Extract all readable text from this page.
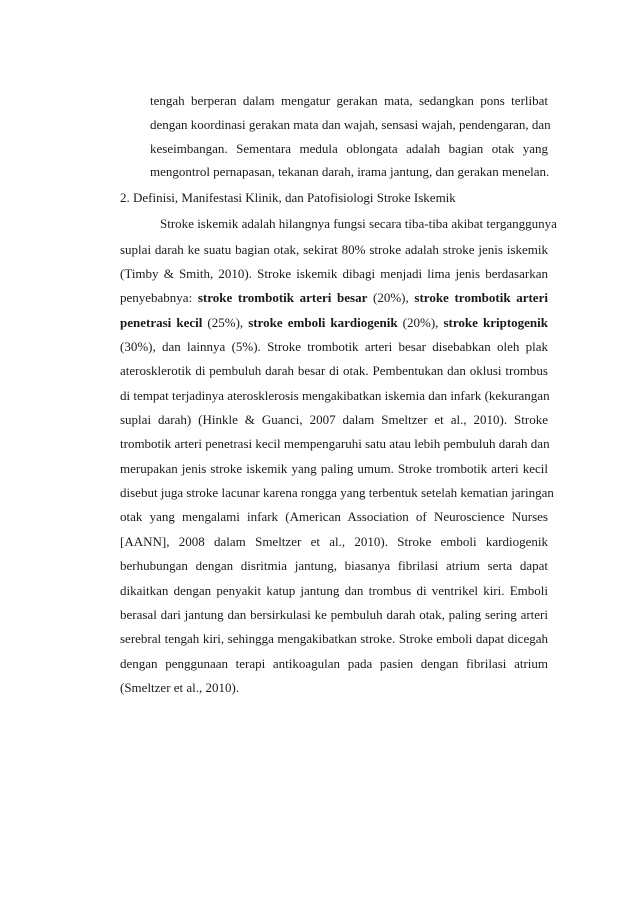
tengah berperan dalam mengatur gerakan mata, sedangkan pons terlibat
dengan koordinasi gerakan mata dan wajah, sensasi wajah, pendengaran, dan
keseimbangan. Sementara medula oblongata adalah bagian otak yang
mengontrol pernapasan, tekanan darah, irama jantung, dan gerakan menelan.
2. Definisi, Manifestasi Klinik, dan Patofisiologi Stroke Iskemik
Stroke iskemik adalah hilangnya fungsi secara tiba-tiba akibat terganggunya
suplai darah ke suatu bagian otak, sekirat 80% stroke adalah stroke jenis iskemik
(Timby & Smith, 2010). Stroke iskemik dibagi menjadi lima jenis berdasarkan
penyebabnya: stroke trombotik arteri besar (20%), stroke trombotik arteri
penetrasi kecil (25%), stroke emboli kardiogenik (20%), stroke kriptogenik
(30%), dan lainnya (5%). Stroke trombotik arteri besar disebabkan oleh plak
aterosklerotik di pembuluh darah besar di otak. Pembentukan dan oklusi trombus
di tempat terjadinya aterosklerosis mengakibatkan iskemia dan infark (kekurangan
suplai darah) (Hinkle & Guanci, 2007 dalam Smeltzer et al., 2010). Stroke
trombotik arteri penetrasi kecil mempengaruhi satu atau lebih pembuluh darah dan
merupakan jenis stroke iskemik yang paling umum. Stroke trombotik arteri kecil
disebut juga stroke lacunar karena rongga yang terbentuk setelah kematian jaringan
otak yang mengalami infark (American Association of Neuroscience Nurses
[AANN], 2008 dalam Smeltzer et al., 2010). Stroke emboli kardiogenik
berhubungan dengan disritmia jantung, biasanya fibrilasi atrium serta dapat
dikaitkan dengan penyakit katup jantung dan trombus di ventrikel kiri. Emboli
berasal dari jantung dan bersirkulasi ke pembuluh darah otak, paling sering arteri
serebral tengah kiri, sehingga mengakibatkan stroke. Stroke emboli dapat dicegah
dengan penggunaan terapi antikoagulan pada pasien dengan fibrilasi atrium
(Smeltzer et al., 2010).
